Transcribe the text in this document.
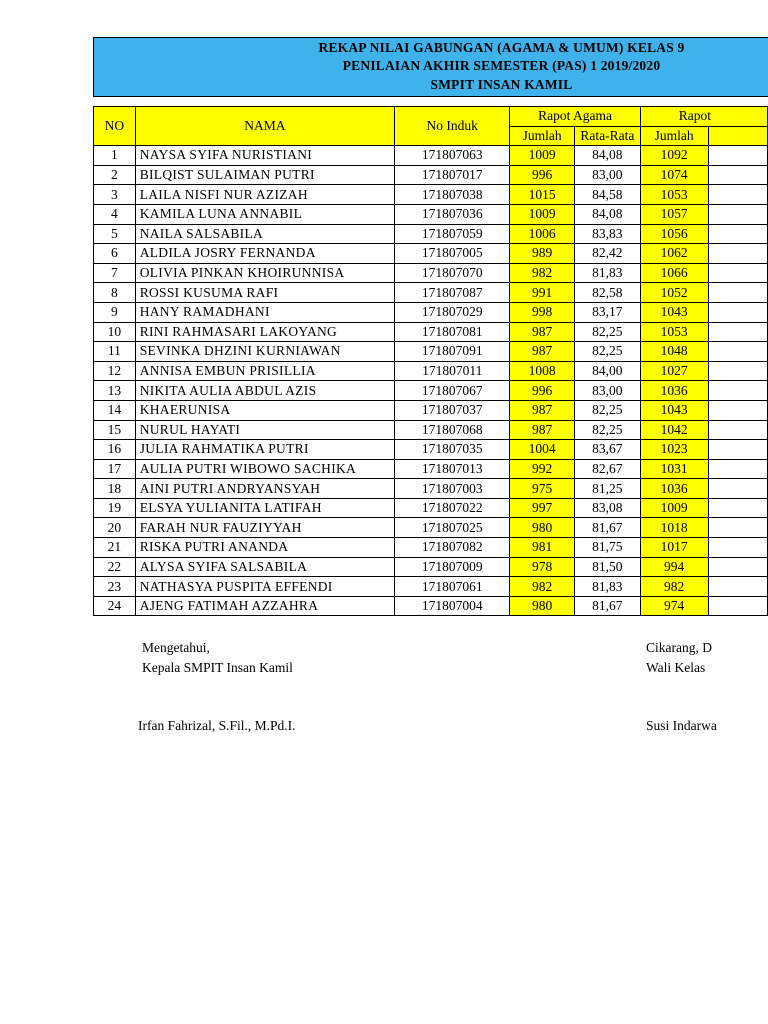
REKAP NILAI GABUNGAN (AGAMA & UMUM) KELAS 9
PENILAIAN AKHIR SEMESTER (PAS) 1 2019/2020
SMPIT INSAN KAMIL
NO	NAMA	No Induk	Rapot Agama		Rapot	
			Jumlah	Rata-Rata	Jumlah	
1	NAYSA SYIFA NURISTIANI	171807063	1009	84,08	1092	
2	BILQIST SULAIMAN PUTRI	171807017	996	83,00	1074	
3	LAILA NISFI NUR AZIZAH	171807038	1015	84,58	1053	
4	KAMILA LUNA ANNABIL	171807036	1009	84,08	1057	
5	NAILA SALSABILA	171807059	1006	83,83	1056	
6	ALDILA JOSRY FERNANDA	171807005	989	82,42	1062	
7	OLIVIA PINKAN KHOIRUNNISA	171807070	982	81,83	1066	
8	ROSSI KUSUMA RAFI	171807087	991	82,58	1052	
9	HANY RAMADHANI	171807029	998	83,17	1043	
10	RINI RAHMASARI LAKOYANG	171807081	987	82,25	1053	
11	SEVINKA DHZINI KURNIAWAN	171807091	987	82,25	1048	
12	ANNISA EMBUN PRISILLIA	171807011	1008	84,00	1027	
13	NIKITA AULIA ABDUL AZIS	171807067	996	83,00	1036	
14	KHAERUNISA	171807037	987	82,25	1043	
15	NURUL HAYATI	171807068	987	82,25	1042	
16	JULIA RAHMATIKA PUTRI	171807035	1004	83,67	1023	
17	AULIA PUTRI WIBOWO SACHIKA	171807013	992	82,67	1031	
18	AINI PUTRI ANDRYANSYAH	171807003	975	81,25	1036	
19	ELSYA YULIANITA LATIFAH	171807022	997	83,08	1009	
20	FARAH NUR FAUZIYYAH	171807025	980	81,67	1018	
21	RISKA PUTRI ANANDA	171807082	981	81,75	1017	
22	ALYSA SYIFA SALSABILA	171807009	978	81,50	994	
23	NATHASYA PUSPITA EFFENDI	171807061	982	81,83	982	
24	AJENG FATIMAH AZZAHRA	171807004	980	81,67	974	
Mengetahui,
Kepala SMPIT Insan Kamil
Irfan Fahrizal, S.Fil., M.Pd.I.
Cikarang, D
Wali Kelas
Susi Indarwa
